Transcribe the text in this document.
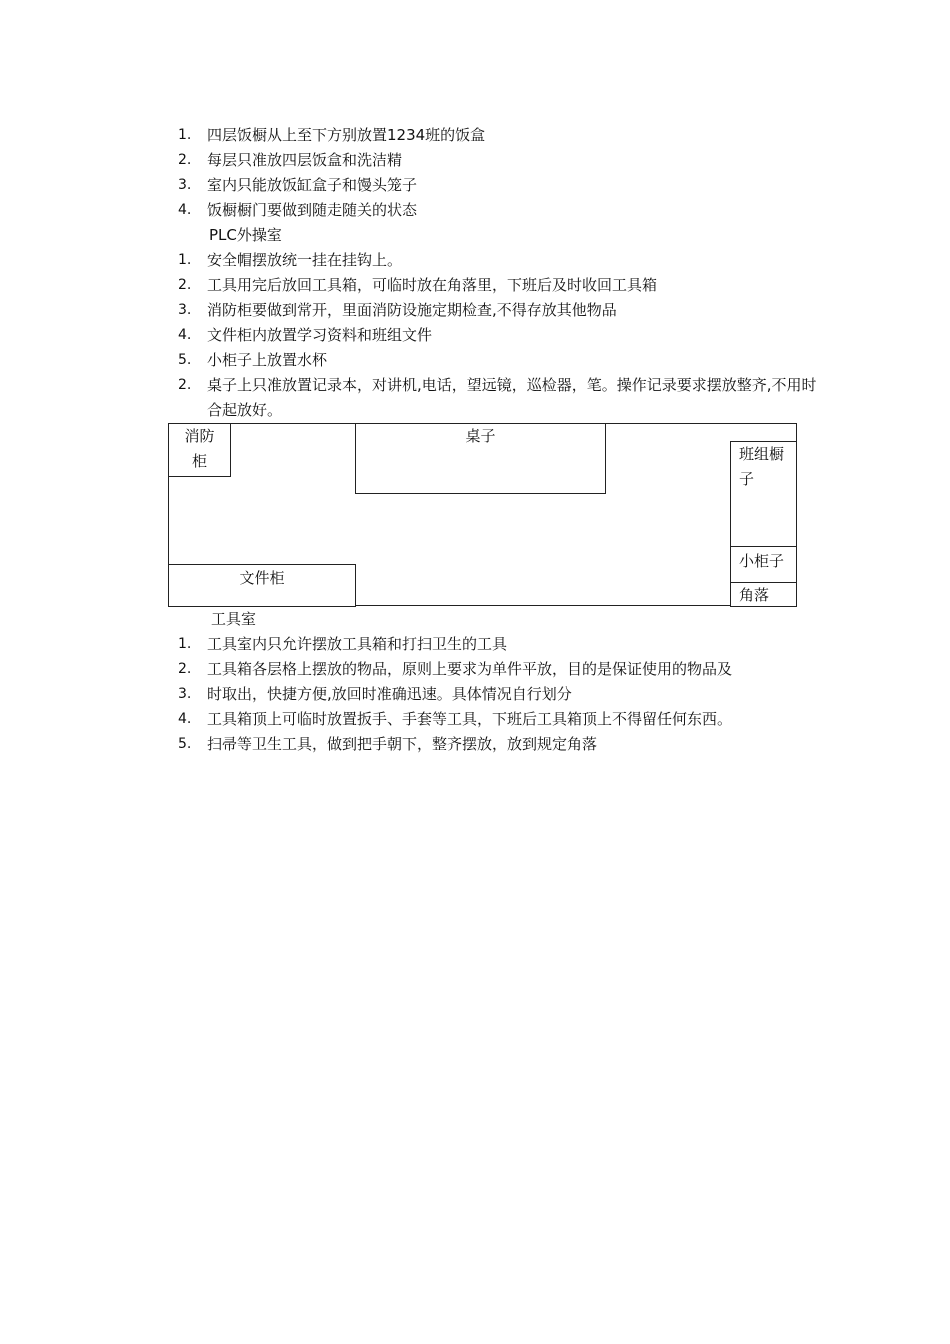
1.	四层饭橱从上至下方别放置1234班的饭盒
2.	每层只准放四层饭盒和洗洁精
3.	室内只能放饭缸盒子和馒头笼子
4.	饭橱橱门要做到随走随关的状态
PLC外操室
1.	安全帽摆放统一挂在挂钩上。
2.	工具用完后放回工具箱，可临时放在角落里，下班后及时收回工具箱
3.	消防柜要做到常开，里面消防设施定期检查,不得存放其他物品
4.	文件柜内放置学习资料和班组文件
5.	小柜子上放置水杯
2.	桌子上只准放置记录本，对讲机,电话，望远镜，巡检器，笔。操作记录要求摆放整齐,不用时合起放好。
消防柜
桌子
班组橱子
小柜子
角落
文件柜
工具室
1.	工具室内只允许摆放工具箱和打扫卫生的工具
2.	工具箱各层格上摆放的物品，原则上要求为单件平放，目的是保证使用的物品及
3.	时取出，快捷方便,放回时准确迅速。具体情况自行划分
4.	工具箱顶上可临时放置扳手、手套等工具，下班后工具箱顶上不得留任何东西。
5.	扫帚等卫生工具，做到把手朝下，整齐摆放，放到规定角落
